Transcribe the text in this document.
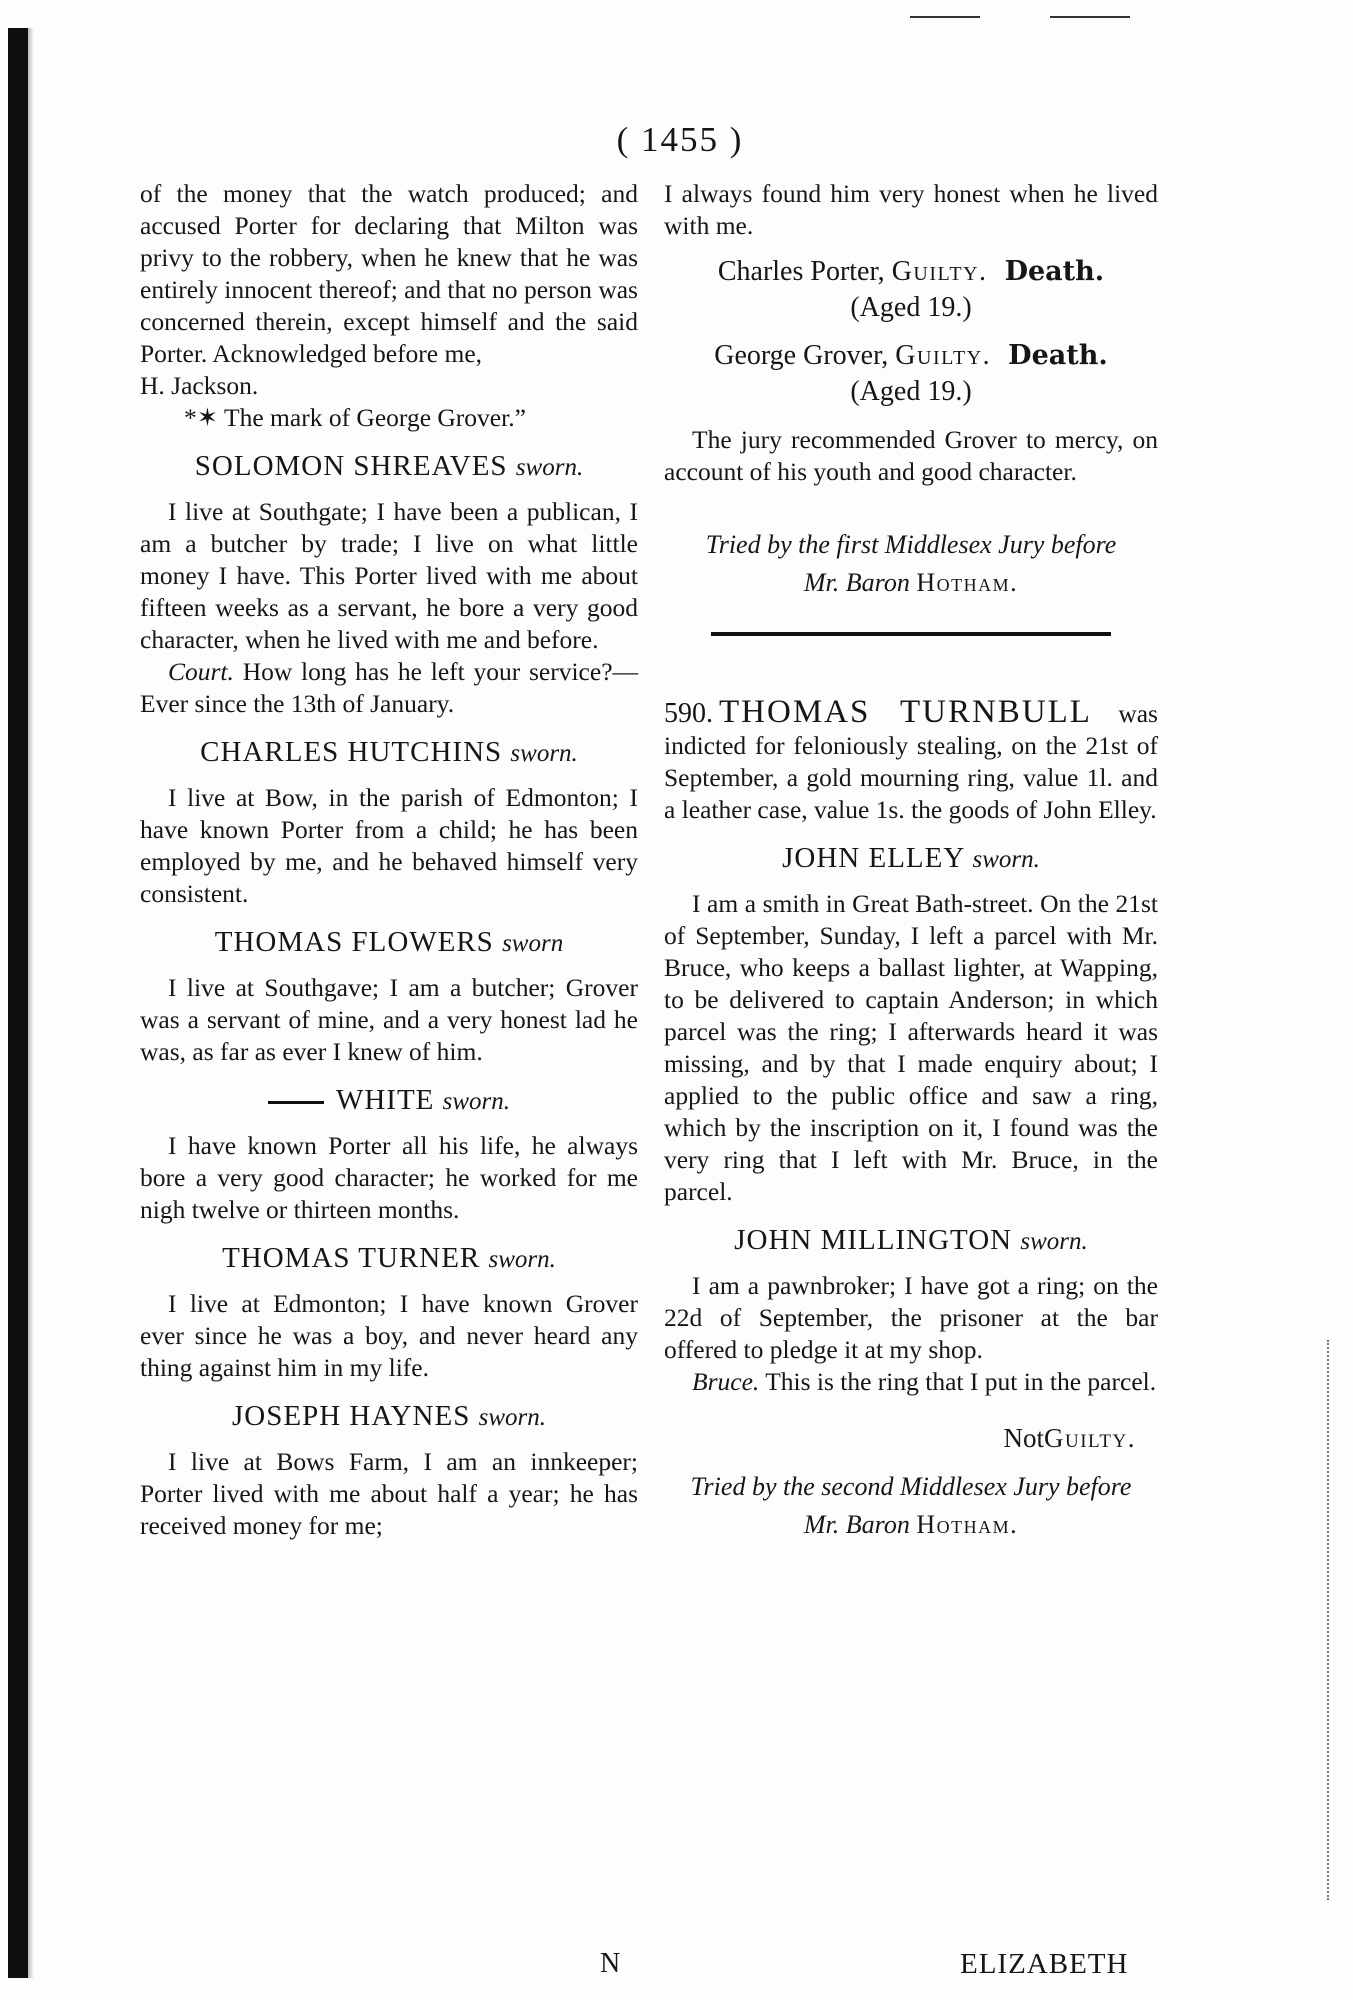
( 1455 )

of the money that the watch produced; and accused Porter for declaring that Milton was privy to the robbery, when he knew that he was entirely innocent thereof; and that no person was concerned therein, except himself and the said Porter. Acknowledged before me,

H. Jackson.

*✶ The mark of George Grover.”

SOLOMON SHREAVES sworn.

I live at Southgate; I have been a publican, I am a butcher by trade; I live on what little money I have. This Porter lived with me about fifteen weeks as a servant, he bore a very good character, when he lived with me and before.

Court. How long has he left your service?—Ever since the 13th of January.

CHARLES HUTCHINS sworn.

I live at Bow, in the parish of Edmonton; I have known Porter from a child; he has been employed by me, and he behaved himself very consistent.

THOMAS FLOWERS sworn

I live at Southgave; I am a butcher; Grover was a servant of mine, and a very honest lad he was, as far as ever I knew of him.

WHITE sworn.

I have known Porter all his life, he always bore a very good character; he worked for me nigh twelve or thirteen months.

THOMAS TURNER sworn.

I live at Edmonton; I have known Grover ever since he was a boy, and never heard any thing against him in my life.

JOSEPH HAYNES sworn.

I live at Bows Farm, I am an innkeeper; Porter lived with me about half a year; he has received money for me;

N

I always found him very honest when he lived with me.

Charles Porter, Guilty. Death.
(Aged 19.)
George Grover, Guilty. Death.
(Aged 19.)

The jury recommended Grover to mercy, on account of his youth and good character.

Tried by the first Middlesex Jury before
Mr. Baron Hotham.

590. THOMAS TURNBULL was indicted for feloniously stealing, on the 21st of September, a gold mourning ring, value 1l. and a leather case, value 1s. the goods of John Elley.

JOHN ELLEY sworn.

I am a smith in Great Bath-street. On the 21st of September, Sunday, I left a parcel with Mr. Bruce, who keeps a ballast lighter, at Wapping, to be delivered to captain Anderson; in which parcel was the ring; I afterwards heard it was missing, and by that I made enquiry about; I applied to the public office and saw a ring, which by the inscription on it, I found was the very ring that I left with Mr. Bruce, in the parcel.

JOHN MILLINGTON sworn.

I am a pawnbroker; I have got a ring; on the 22d of September, the prisoner at the bar offered to pledge it at my shop.

Bruce. This is the ring that I put in the parcel.

NotGuilty.
Tried by the second Middlesex Jury before
Mr. Baron Hotham.
ELIZABETH
